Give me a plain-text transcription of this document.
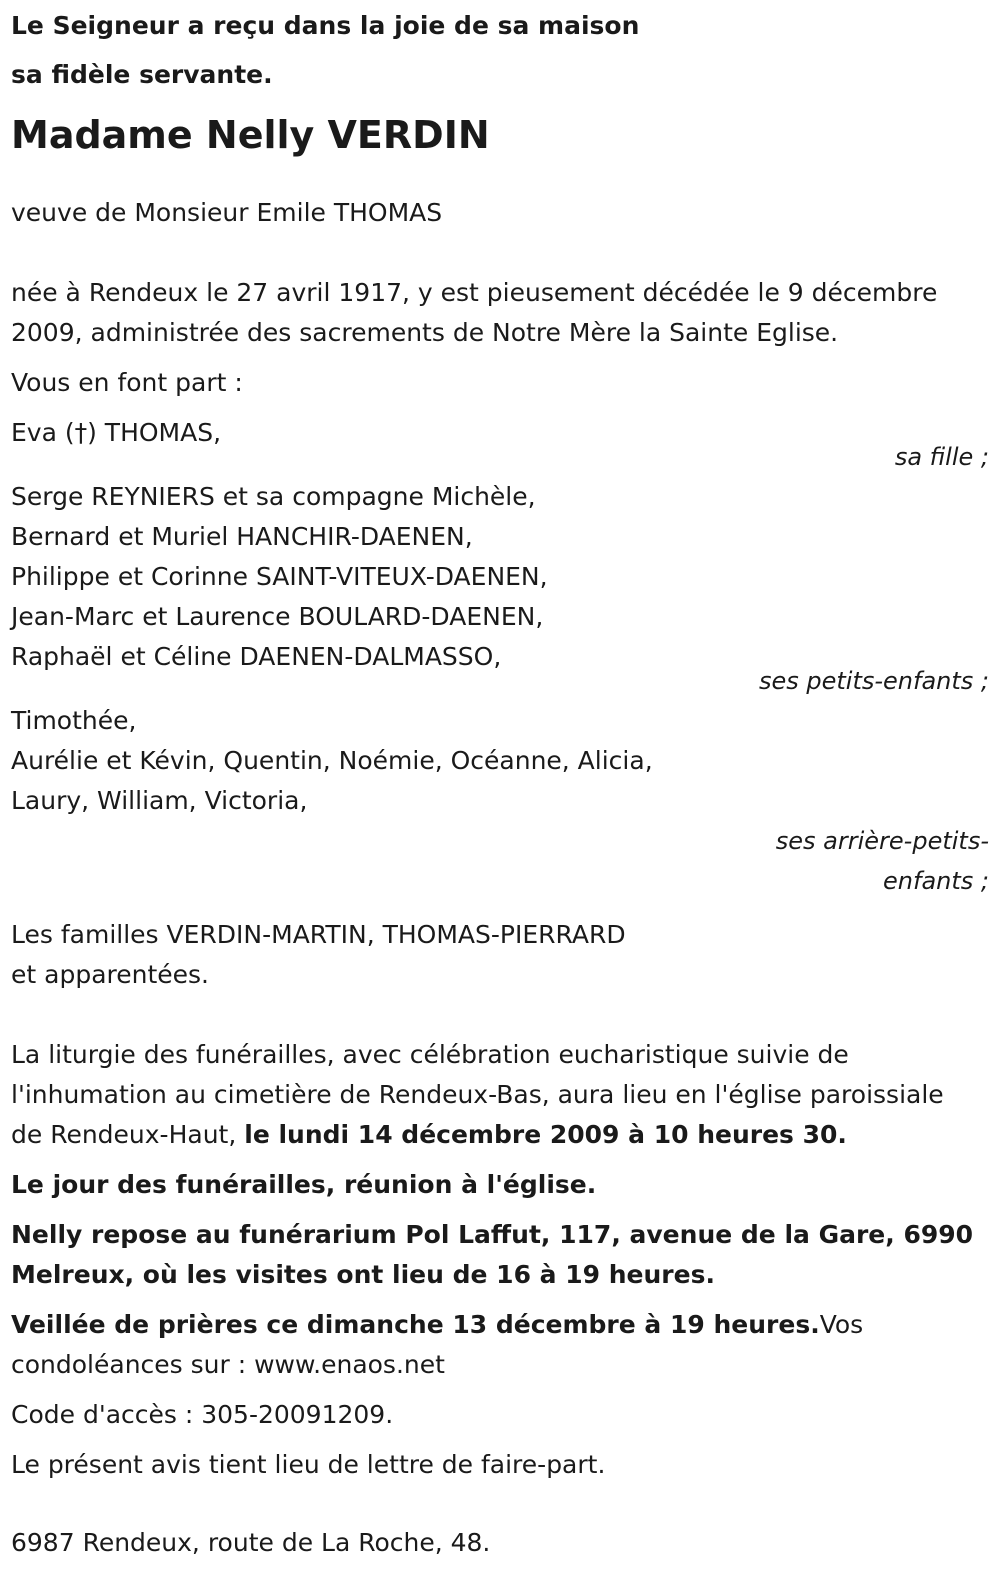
Le Seigneur a reçu dans la joie de sa maison
sa fidèle servante.
Madame Nelly VERDIN
veuve de Monsieur Emile THOMAS
née à Rendeux le 27 avril 1917, y est pieusement décédée le 9 décembre
2009, administrée des sacrements de Notre Mère la Sainte Eglise.
Vous en font part :
Eva (†) THOMAS,
sa fille ;
Serge REYNIERS et sa compagne Michèle,
Bernard et Muriel HANCHIR-DAENEN,
Philippe et Corinne SAINT-VITEUX-DAENEN,
Jean-Marc et Laurence BOULARD-DAENEN,
Raphaël et Céline DAENEN-DALMASSO,
ses petits-enfants ;
Timothée,
Aurélie et Kévin, Quentin, Noémie, Océanne, Alicia,
Laury, William, Victoria,
ses arrière-petits-
enfants ;
Les familles VERDIN-MARTIN, THOMAS-PIERRARD
et apparentées.
La liturgie des funérailles, avec célébration eucharistique suivie de
l'inhumation au cimetière de Rendeux-Bas, aura lieu en l'église paroissiale
de Rendeux-Haut, le lundi 14 décembre 2009 à 10 heures 30.
Le jour des funérailles, réunion à l'église.
Nelly repose au funérarium Pol Laffut, 117, avenue de la Gare, 6990
Melreux, où les visites ont lieu de 16 à 19 heures.
Veillée de prières ce dimanche 13 décembre à 19 heures.Vos
condoléances sur : www.enaos.net
Code d'accès : 305-20091209.
Le présent avis tient lieu de lettre de faire-part.
6987 Rendeux, route de La Roche, 48.
